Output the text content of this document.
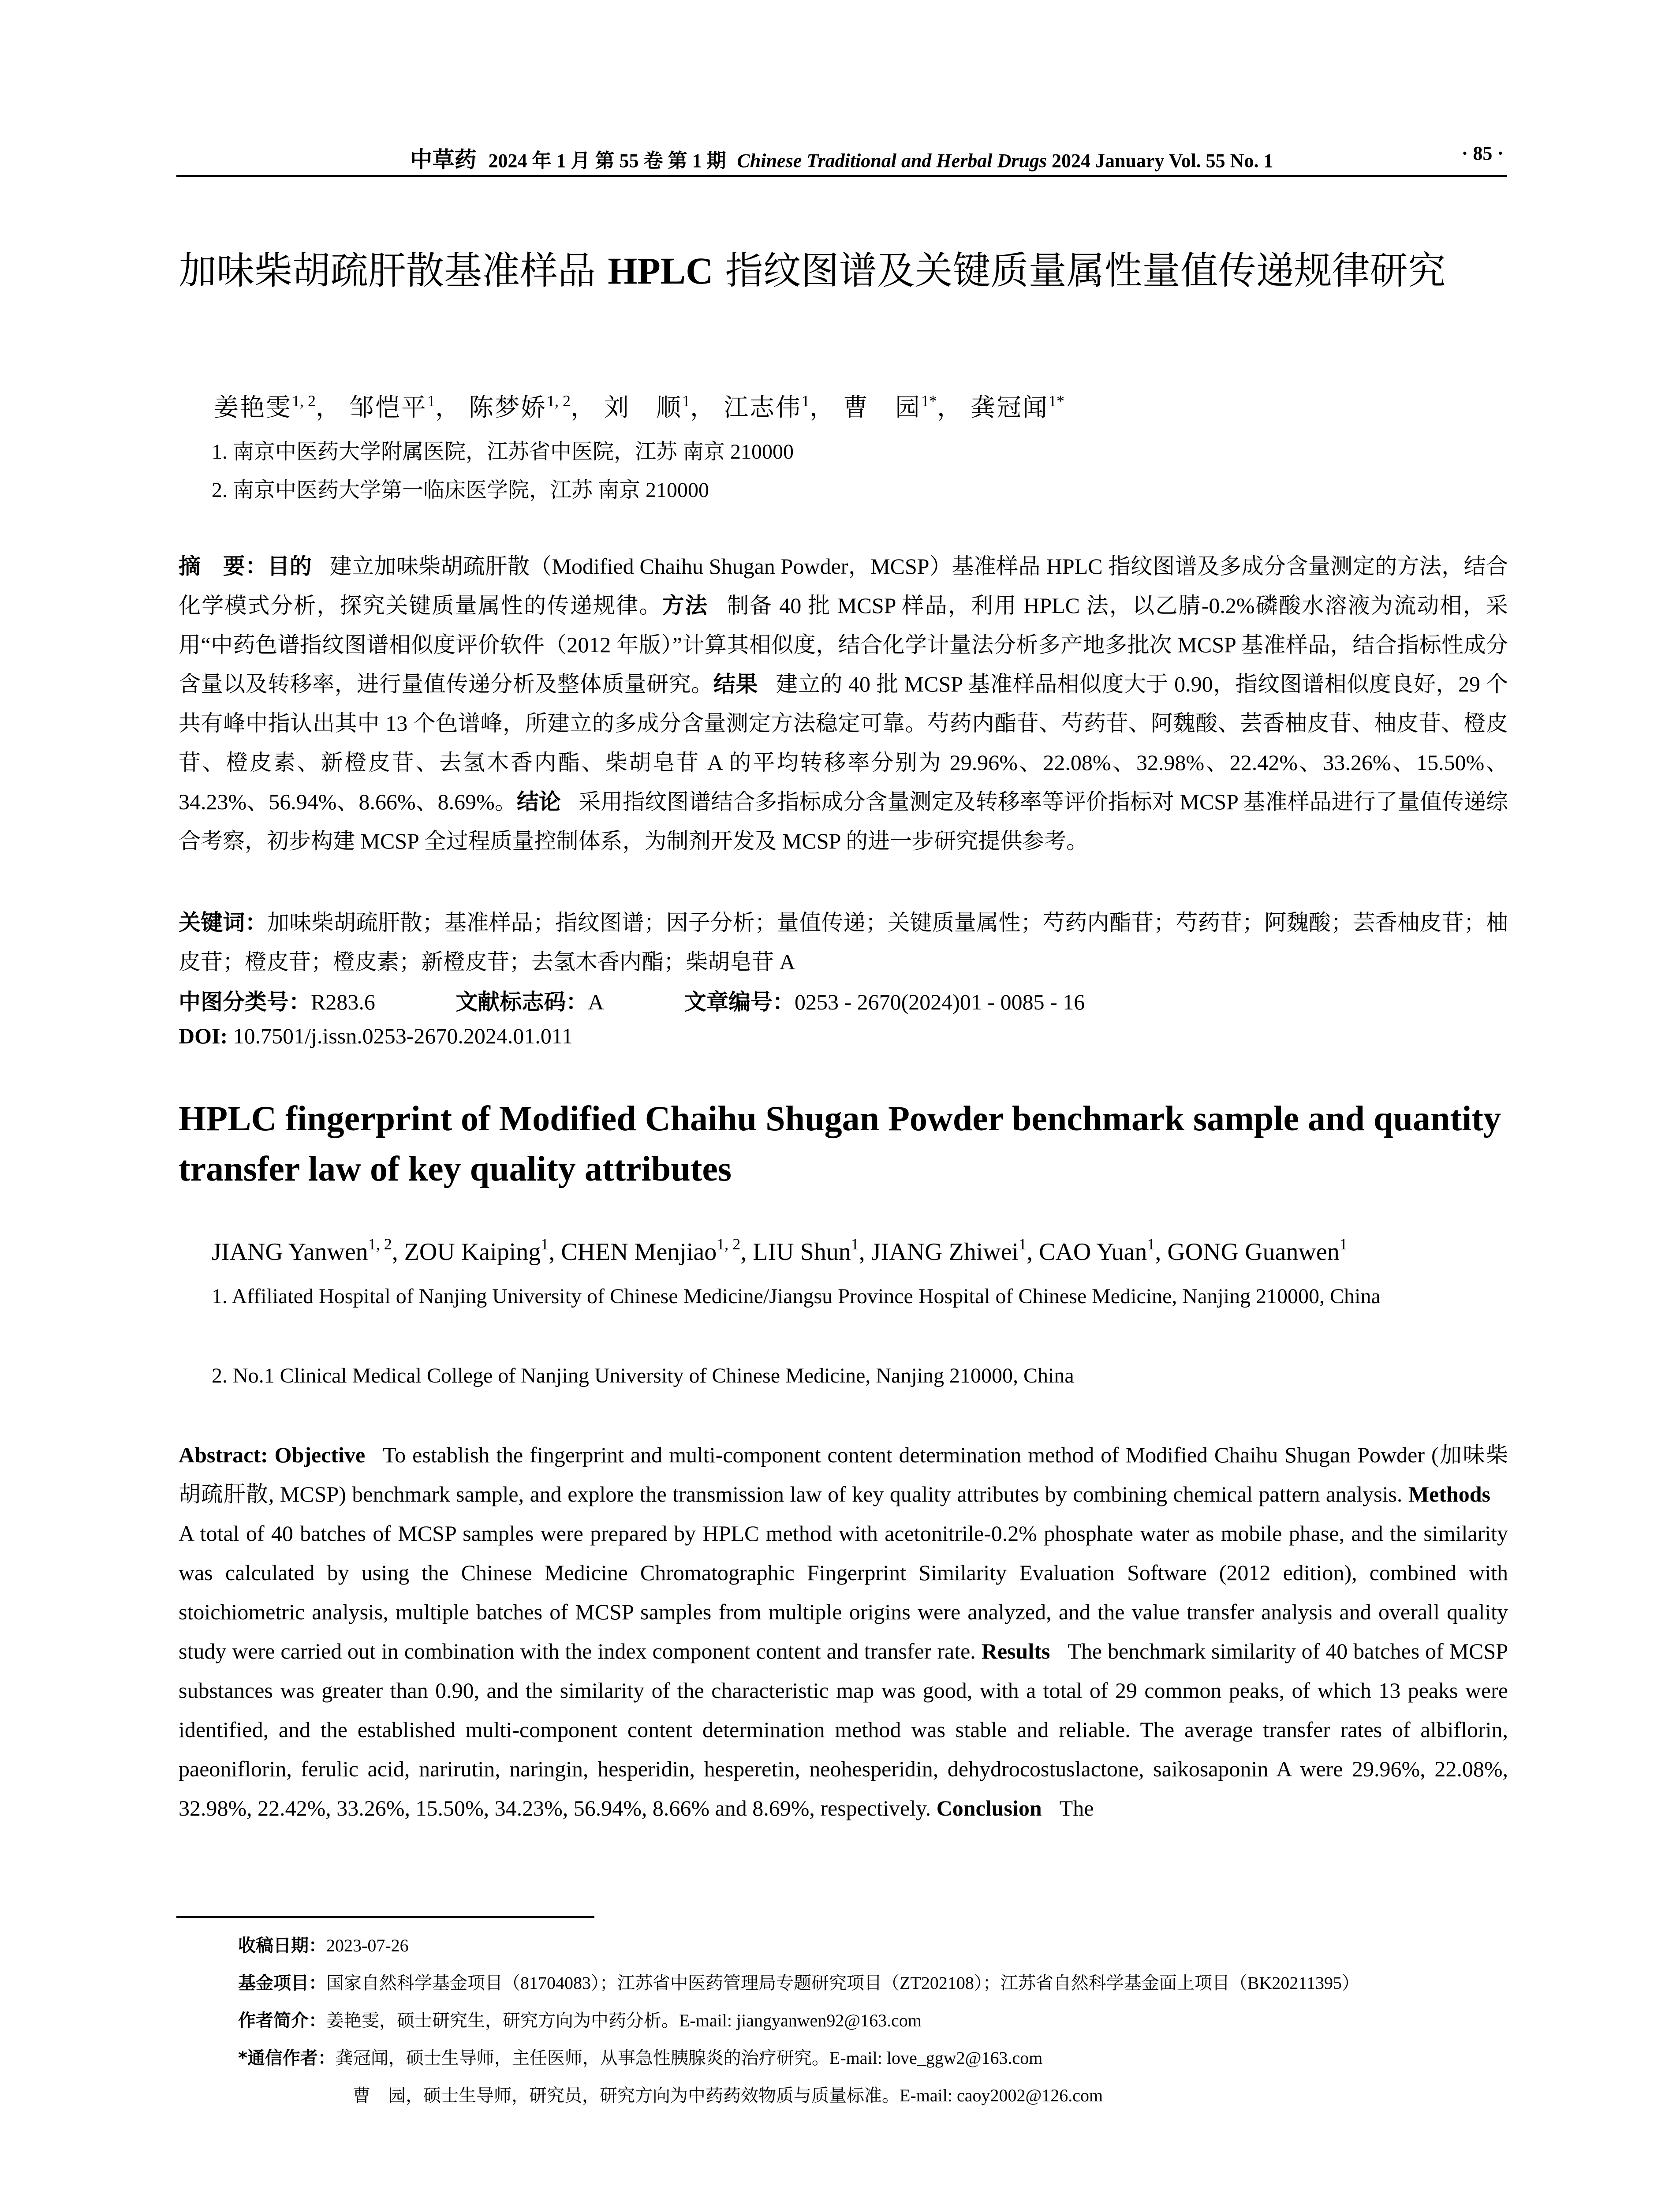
中草药 2024 年 1 月 第 55 卷 第 1 期 Chinese Traditional and Herbal Drugs 2024 January Vol. 55 No. 1	· 85 ·
加味柴胡疏肝散基准样品 HPLC 指纹图谱及关键质量属性量值传递规律研究
姜艳雯$^{1, 2}$， 邹恺平$^1$， 陈梦娇$^{1, 2}$， 刘　顺$^1$， 江志伟$^1$， 曹　园$^{1*}$， 龚冠闻$^{1*}$
1. 南京中医药大学附属医院，江苏省中医院，江苏 南京 210000
2. 南京中医药大学第一临床医学院，江苏 南京 210000
摘　要：目的 建立加味柴胡疏肝散（Modified Chaihu Shugan Powder，MCSP）基准样品 HPLC 指纹图谱及多成分含量测定的方法，结合化学模式分析，探究关键质量属性的传递规律。方法 制备 40 批 MCSP 样品，利用 HPLC 法，以乙腈-0.2%磷酸水溶液为流动相，采用“中药色谱指纹图谱相似度评价软件（2012 年版）”计算其相似度，结合化学计量法分析多产地多批次 MCSP 基准样品，结合指标性成分含量以及转移率，进行量值传递分析及整体质量研究。结果 建立的 40 批 MCSP 基准样品相似度大于 0.90，指纹图谱相似度良好，29 个共有峰中指认出其中 13 个色谱峰，所建立的多成分含量测定方法稳定可靠。芍药内酯苷、芍药苷、阿魏酸、芸香柚皮苷、柚皮苷、橙皮苷、橙皮素、新橙皮苷、去氢木香内酯、柴胡皂苷 A 的平均转移率分别为 29.96%、22.08%、32.98%、22.42%、33.26%、15.50%、34.23%、56.94%、8.66%、8.69%。结论 采用指纹图谱结合多指标成分含量测定及转移率等评价指标对 MCSP 基准样品进行了量值传递综合考察，初步构建 MCSP 全过程质量控制体系，为制剂开发及 MCSP 的进一步研究提供参考。
关键词：加味柴胡疏肝散；基准样品；指纹图谱；因子分析；量值传递；关键质量属性；芍药内酯苷；芍药苷；阿魏酸；芸香柚皮苷；柚皮苷；橙皮苷；橙皮素；新橙皮苷；去氢木香内酯；柴胡皂苷 A
中图分类号：R283.6	文献标志码：A	文章编号：0253 - 2670(2024)01 - 0085 - 16
DOI: 10.7501/j.issn.0253-2670.2024.01.011
HPLC fingerprint of Modified Chaihu Shugan Powder benchmark sample and quantity transfer law of key quality attributes
JIANG Yanwen$^{1, 2}$, ZOU Kaiping$^1$, CHEN Menjiao$^{1, 2}$, LIU Shun$^1$, JIANG Zhiwei$^1$, CAO Yuan$^1$, GONG Guanwen$^1$
1. Affiliated Hospital of Nanjing University of Chinese Medicine/Jiangsu Province Hospital of Chinese Medicine, Nanjing 210000, China
2. No.1 Clinical Medical College of Nanjing University of Chinese Medicine, Nanjing 210000, China
Abstract: Objective To establish the fingerprint and multi-component content determination method of Modified Chaihu Shugan Powder (加味柴胡疏肝散, MCSP) benchmark sample, and explore the transmission law of key quality attributes by combining chemical pattern analysis. MethodsA total of 40 batches of MCSP samples were prepared by HPLC method with acetonitrile-0.2% phosphate water as mobile phase, and the similarity was calculated by using the Chinese Medicine Chromatographic Fingerprint Similarity Evaluation Software (2012 edition), combined with stoichiometric analysis, multiple batches of MCSP samples from multiple origins were analyzed, and the value transfer analysis and overall quality study were carried out in combination with the index component content and transfer rate. Results The benchmark similarity of 40 batches of MCSP substances was greater than 0.90, and the similarity of the characteristic map was good, with a total of 29 common peaks, of which 13 peaks were identified, and the established multi-component content determination method was stable and reliable. The average transfer rates of albiflorin, paeoniflorin, ferulic acid, narirutin, naringin, hesperidin, hesperetin, neohesperidin, dehydrocostuslactone, saikosaponin A were 29.96%, 22.08%, 32.98%, 22.42%, 33.26%, 15.50%, 34.23%, 56.94%, 8.66% and 8.69%, respectively. Conclusion The
收稿日期：2023-07-26
基金项目：国家自然科学基金项目（81704083）；江苏省中医药管理局专题研究项目（ZT202108）；江苏省自然科学基金面上项目（BK20211395）
作者简介：姜艳雯，硕士研究生，研究方向为中药分析。E-mail: jiangyanwen92@163.com
*通信作者：龚冠闻，硕士生导师，主任医师，从事急性胰腺炎的治疗研究。E-mail: love_ggw2@163.com
曹　园，硕士生导师，研究员，研究方向为中药药效物质与质量标准。E-mail: caoy2002@126.com
